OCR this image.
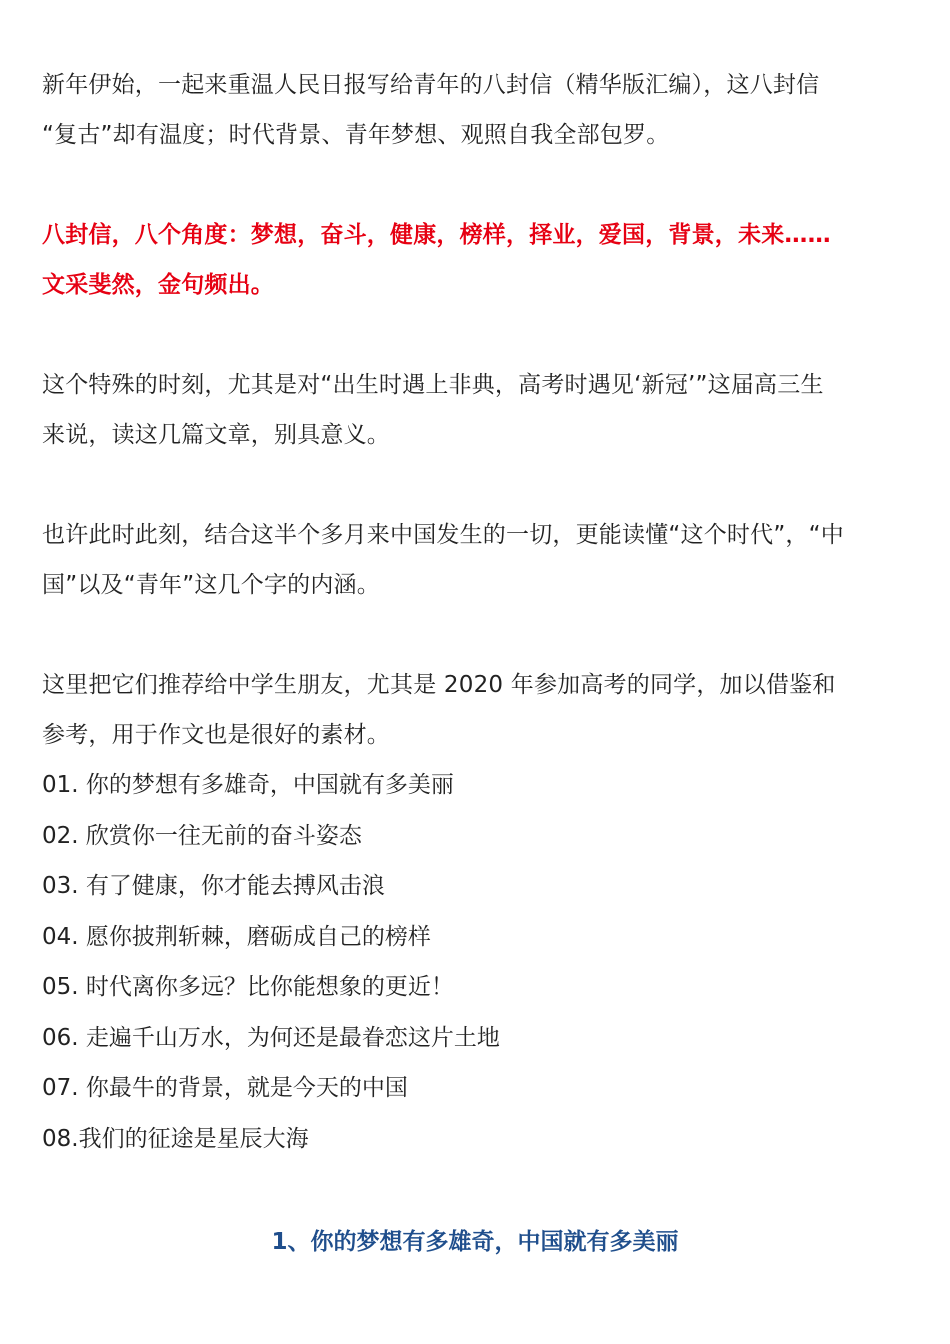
新年伊始，一起来重温人民日报写给青年的八封信（精华版汇编），这八封信
“复古”却有温度；时代背景、青年梦想、观照自我全部包罗。

八封信，八个角度：梦想，奋斗，健康，榜样，择业，爱国，背景，未来……
文采斐然，金句频出。

这个特殊的时刻，尤其是对“出生时遇上非典，高考时遇见‘新冠’”这届高三生
来说，读这几篇文章，别具意义。

也许此时此刻，结合这半个多月来中国发生的一切，更能读懂“这个时代”，“中
国”以及“青年”这几个字的内涵。

这里把它们推荐给中学生朋友，尤其是 2020 年参加高考的同学，加以借鉴和
参考，用于作文也是很好的素材。

01. 你的梦想有多雄奇，中国就有多美丽
02. 欣赏你一往无前的奋斗姿态
03. 有了健康，你才能去搏风击浪
04. 愿你披荆斩棘，磨砺成自己的榜样
05. 时代离你多远？比你能想象的更近！
06. 走遍千山万水，为何还是最眷恋这片土地
07. 你最牛的背景，就是今天的中国
08.我们的征途是星辰大海
1、你的梦想有多雄奇，中国就有多美丽
